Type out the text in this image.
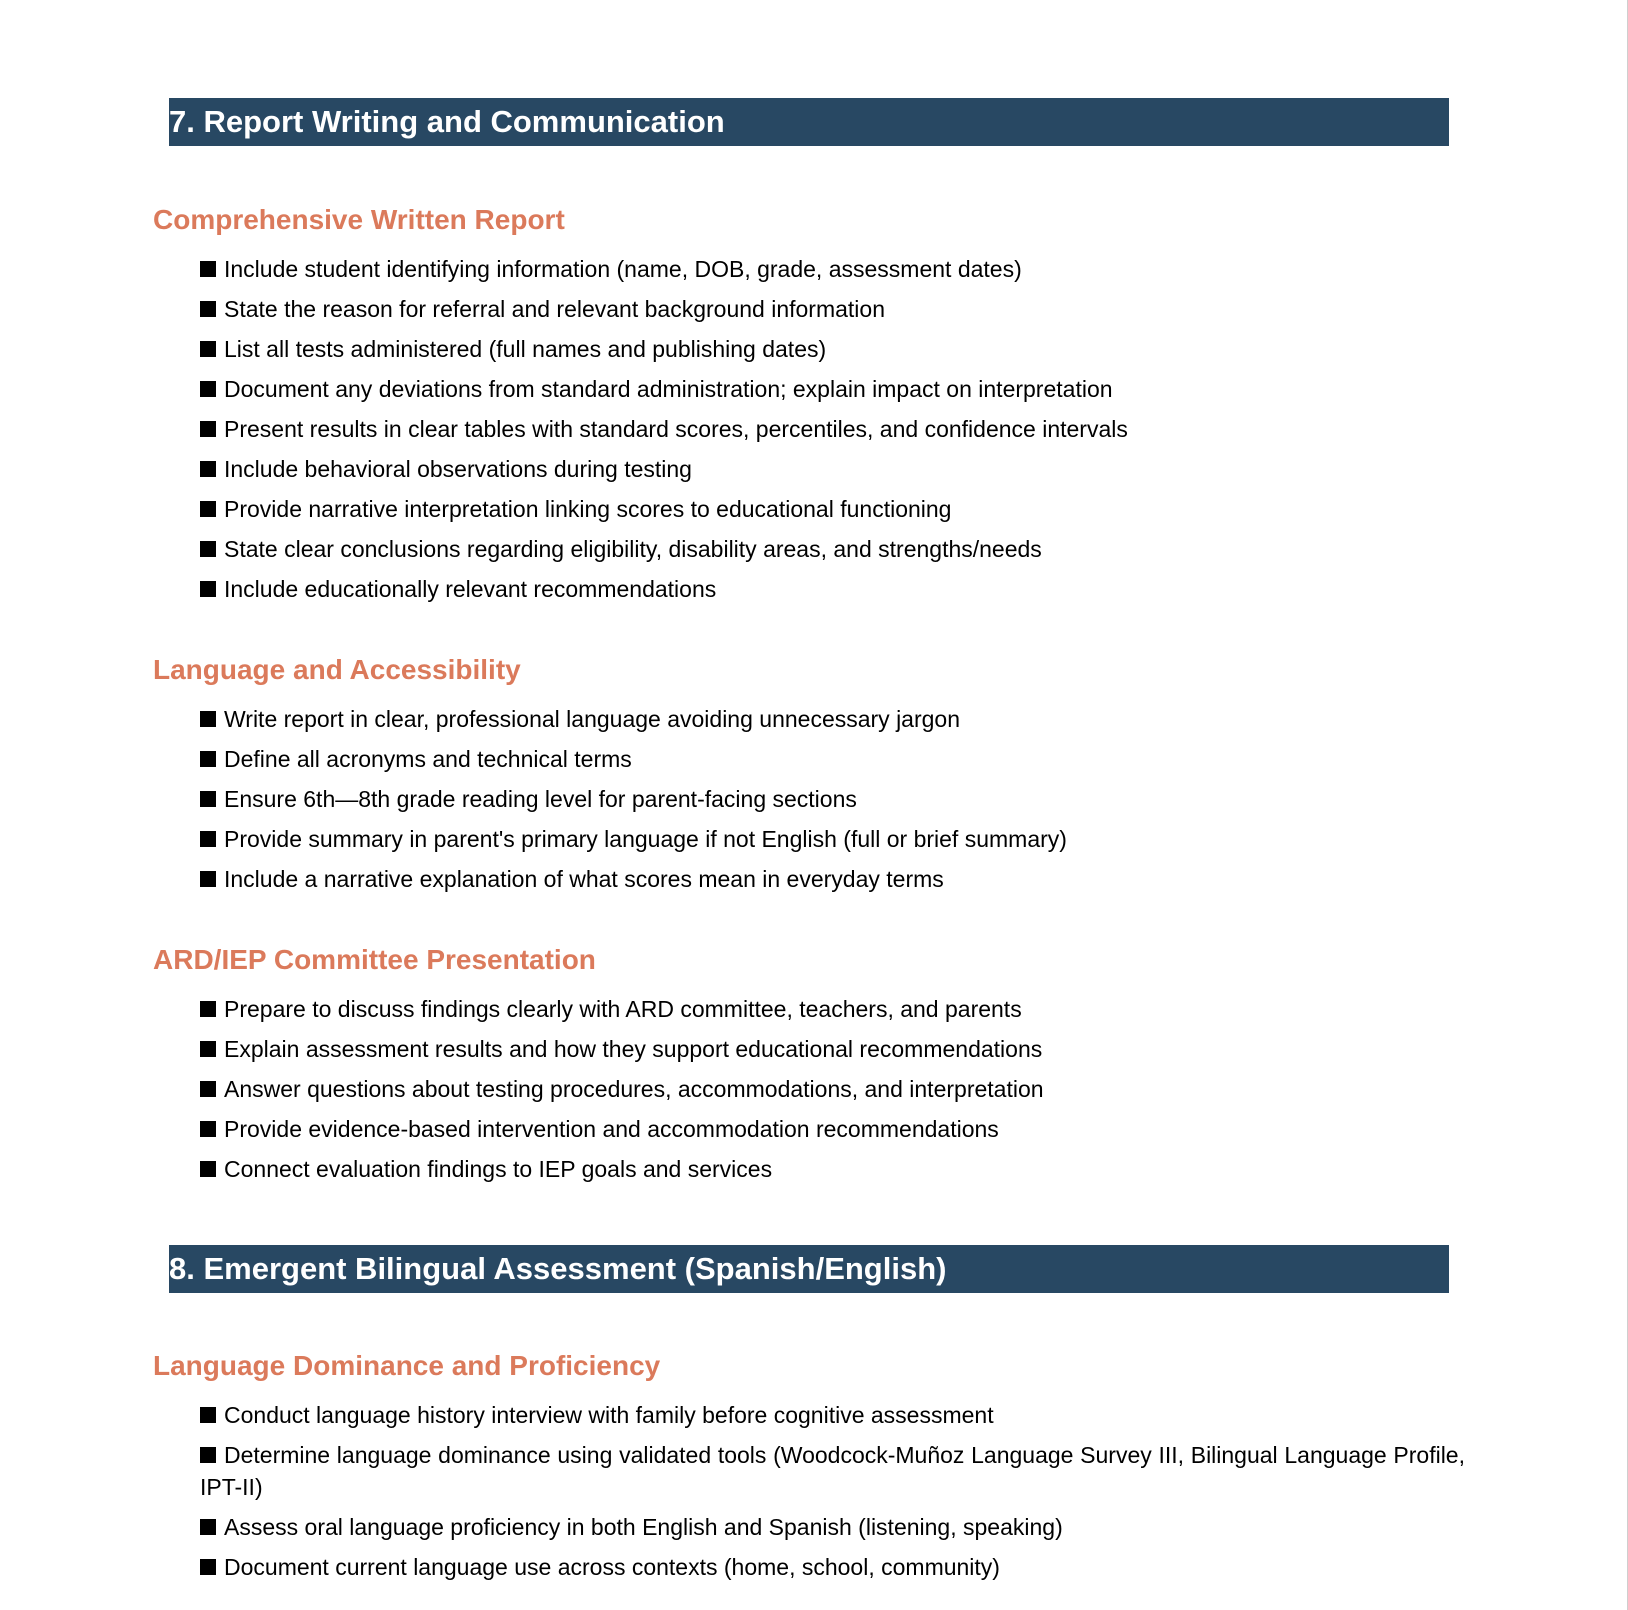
7. Report Writing and Communication
Comprehensive Written Report
Include student identifying information (name, DOB, grade, assessment dates)
State the reason for referral and relevant background information
List all tests administered (full names and publishing dates)
Document any deviations from standard administration; explain impact on interpretation
Present results in clear tables with standard scores, percentiles, and confidence intervals
Include behavioral observations during testing
Provide narrative interpretation linking scores to educational functioning
State clear conclusions regarding eligibility, disability areas, and strengths/needs
Include educationally relevant recommendations
Language and Accessibility
Write report in clear, professional language avoiding unnecessary jargon
Define all acronyms and technical terms
Ensure 6th—8th grade reading level for parent-facing sections
Provide summary in parent's primary language if not English (full or brief summary)
Include a narrative explanation of what scores mean in everyday terms
ARD/IEP Committee Presentation
Prepare to discuss findings clearly with ARD committee, teachers, and parents
Explain assessment results and how they support educational recommendations
Answer questions about testing procedures, accommodations, and interpretation
Provide evidence-based intervention and accommodation recommendations
Connect evaluation findings to IEP goals and services
8. Emergent Bilingual Assessment (Spanish/English)
Language Dominance and Proficiency
Conduct language history interview with family before cognitive assessment
Determine language dominance using validated tools (Woodcock-Muñoz Language Survey III, Bilingual Language Profile, IPT-II)
Assess oral language proficiency in both English and Spanish (listening, speaking)
Document current language use across contexts (home, school, community)
